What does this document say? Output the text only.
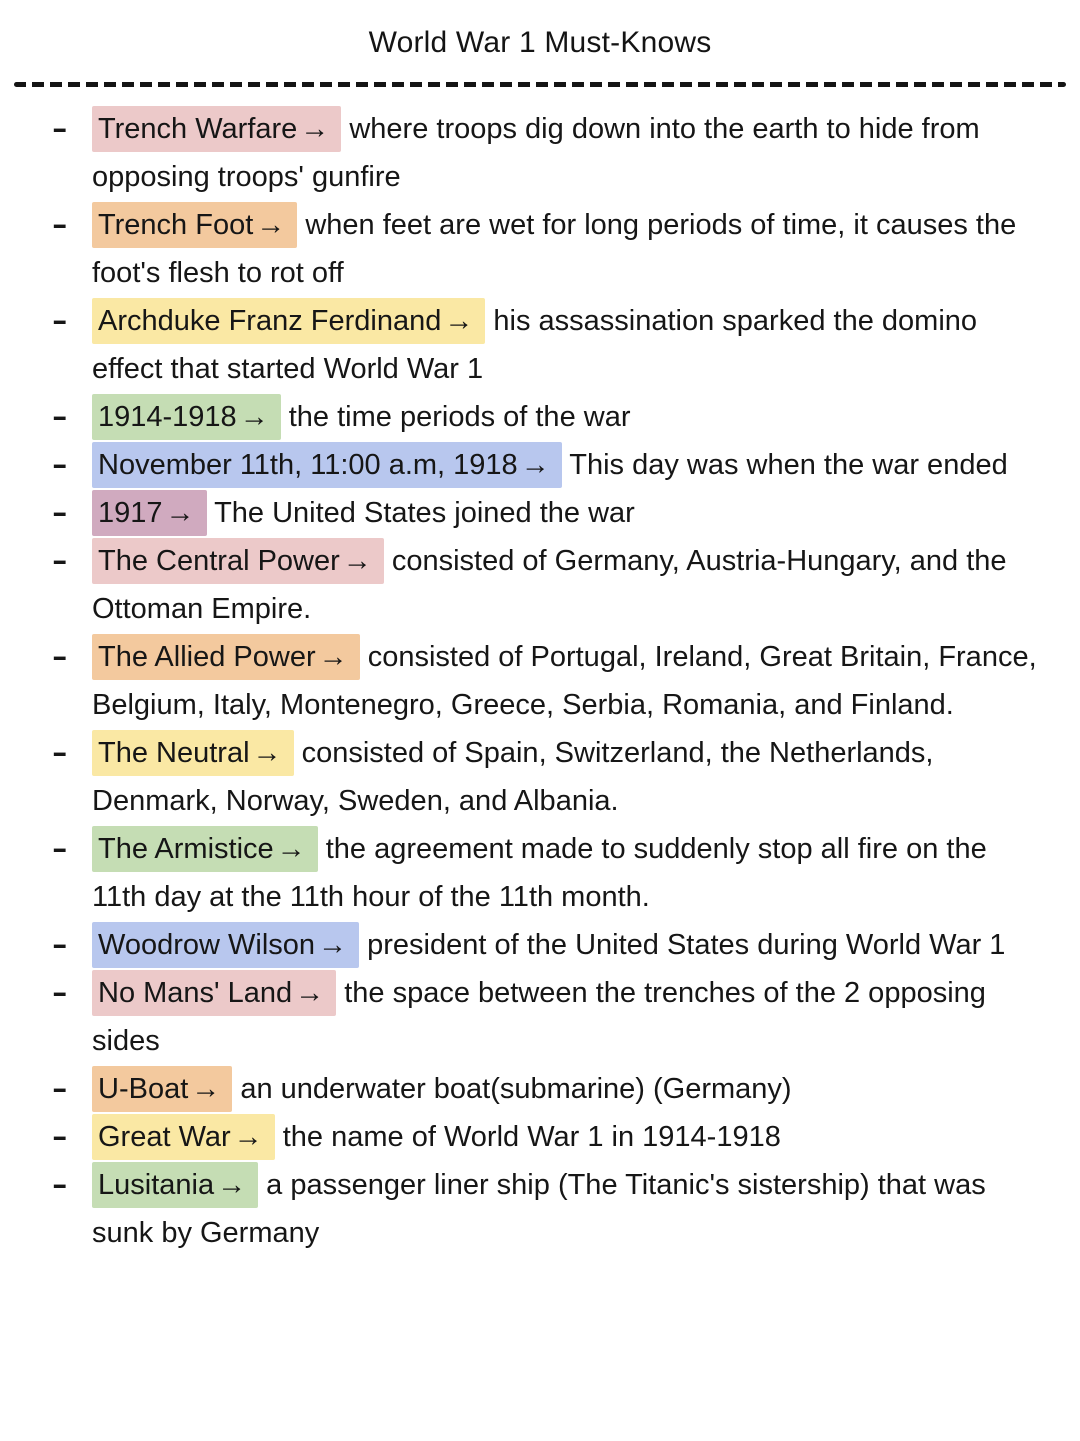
World War 1 Must-Knows
- Trench Warfare → where troops dig down into the earth to hide from opposing troops' gunfire
- Trench Foot → when feet are wet for long periods of time, it causes the foot's flesh to rot off
- Archduke Franz Ferdinand → his assassination sparked the domino effect that started World War 1
- 1914-1918 → the time periods of the war
- November 11th, 11:00 a.m, 1918 → This day was when the war ended
- 1917 → The United States joined the war
- The Central Power → consisted of Germany, Austria-Hungary, and the Ottoman Empire.
- The Allied Power → consisted of Portugal, Ireland, Great Britain, France, Belgium, Italy, Montenegro, Greece, Serbia, Romania, and Finland.
- The Neutral → consisted of Spain, Switzerland, the Netherlands, Denmark, Norway, Sweden, and Albania.
- The Armistice → the agreement made to suddenly stop all fire on the 11th day at the 11th hour of the 11th month.
- Woodrow Wilson → president of the United States during World War 1
- No Mans' Land → the space between the trenches of the 2 opposing sides
- U-Boat → an underwater boat(submarine) (Germany)
- Great War → the name of World War 1 in 1914-1918
- Lusitania → a passenger liner ship (The Titanic's sistership) that was sunk by Germany
